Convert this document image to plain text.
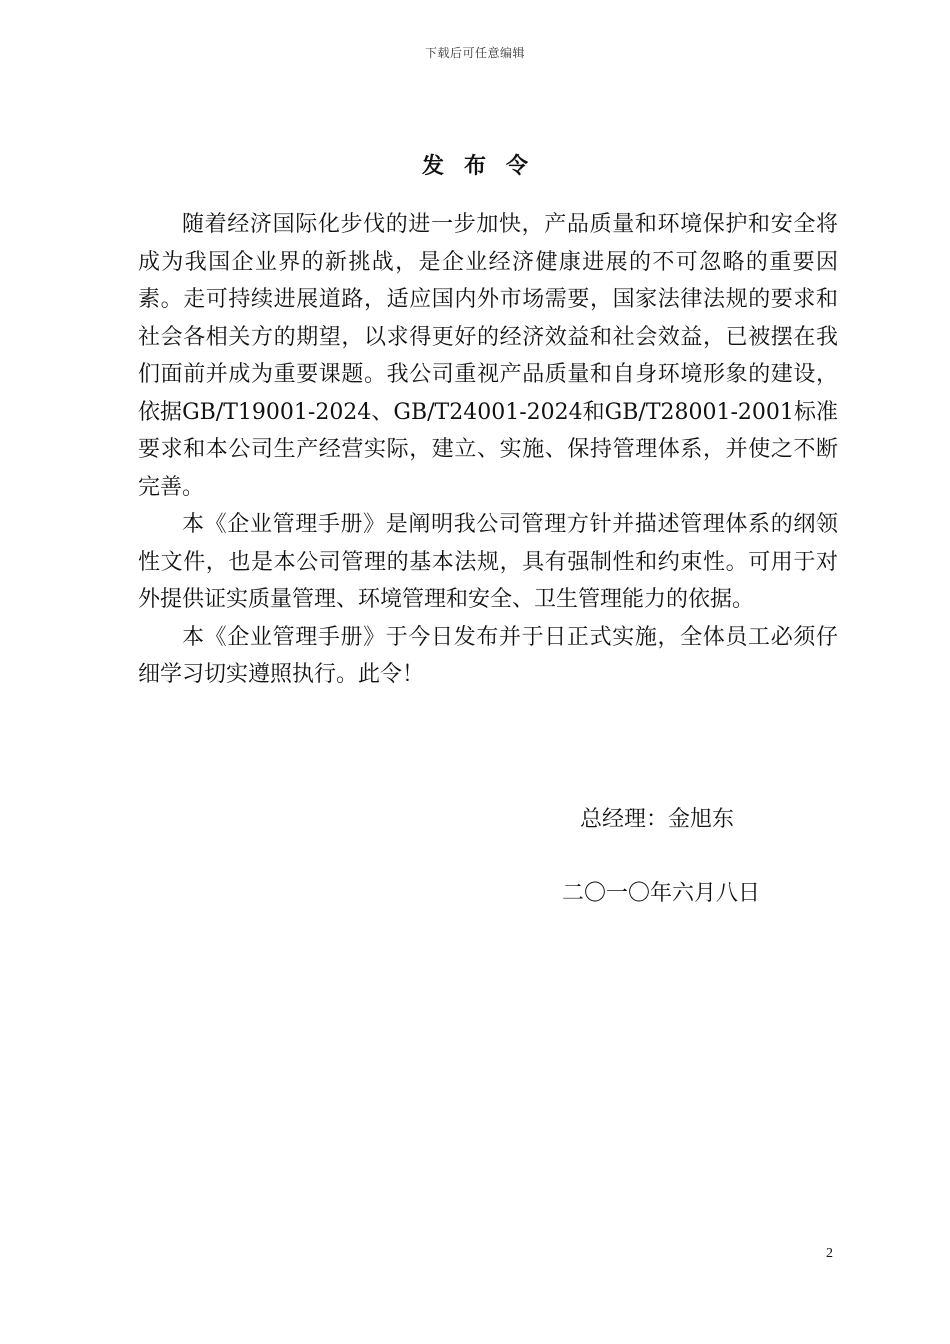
下载后可任意编辑
发布令

随着经济国际化步伐的进一步加快，产品质量和环境保护和安全将成为我国企业界的新挑战，是企业经济健康进展的不可忽略的重要因素。走可持续进展道路，适应国内外市场需要，国家法律法规的要求和社会各相关方的期望，以求得更好的经济效益和社会效益，已被摆在我们面前并成为重要课题。我公司重视产品质量和自身环境形象的建设，依据GB/T19001-2024、GB/T24001-2024和GB/T28001-2001标准要求和本公司生产经营实际，建立、实施、保持管理体系，并使之不断完善。

本《企业管理手册》是阐明我公司管理方针并描述管理体系的纲领性文件，也是本公司管理的基本法规，具有强制性和约束性。可用于对外提供证实质量管理、环境管理和安全、卫生管理能力的依据。

本《企业管理手册》于今日发布并于日正式实施，全体员工必须仔细学习切实遵照执行。此令！

总经理：金旭东
二〇一〇年六月八日
2
